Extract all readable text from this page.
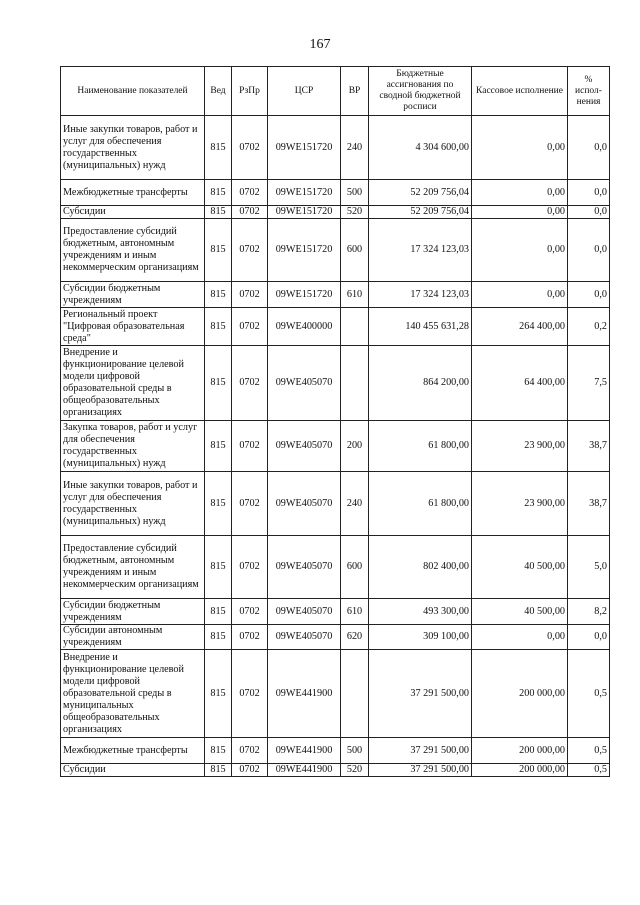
167
Наименование показателей	Вед	РзПр	ЦСР	ВР	Бюджетные ассигнования по сводной бюджетной росписи	Кассовое исполнение	% испол-нения
Иные закупки товаров, работ и услуг для обеспечения государственных (муниципальных) нужд	815	0702	09WE151720	240	4 304 600,00	0,00	0,0
Межбюджетные трансферты	815	0702	09WE151720	500	52 209 756,04	0,00	0,0
Субсидии	815	0702	09WE151720	520	52 209 756,04	0,00	0,0
Предоставление субсидий бюджетным, автономным учреждениям и иным некоммерческим организациям	815	0702	09WE151720	600	17 324 123,03	0,00	0,0
Субсидии бюджетным учреждениям	815	0702	09WE151720	610	17 324 123,03	0,00	0,0
Региональный проект "Цифровая образовательная среда"	815	0702	09WE400000		140 455 631,28	264 400,00	0,2
Внедрение и функционирование целевой модели цифровой образовательной среды в общеобразовательных организациях	815	0702	09WE405070		864 200,00	64 400,00	7,5
Закупка товаров, работ и услуг для обеспечения государственных (муниципальных) нужд	815	0702	09WE405070	200	61 800,00	23 900,00	38,7
Иные закупки товаров, работ и услуг для обеспечения государственных (муниципальных) нужд	815	0702	09WE405070	240	61 800,00	23 900,00	38,7
Предоставление субсидий бюджетным, автономным учреждениям и иным некоммерческим организациям	815	0702	09WE405070	600	802 400,00	40 500,00	5,0
Субсидии бюджетным учреждениям	815	0702	09WE405070	610	493 300,00	40 500,00	8,2
Субсидии автономным учреждениям	815	0702	09WE405070	620	309 100,00	0,00	0,0
Внедрение и функционирование целевой модели цифровой образовательной среды в муниципальных общеобразовательных организациях	815	0702	09WE441900		37 291 500,00	200 000,00	0,5
Межбюджетные трансферты	815	0702	09WE441900	500	37 291 500,00	200 000,00	0,5
Субсидии	815	0702	09WE441900	520	37 291 500,00	200 000,00	0,5
